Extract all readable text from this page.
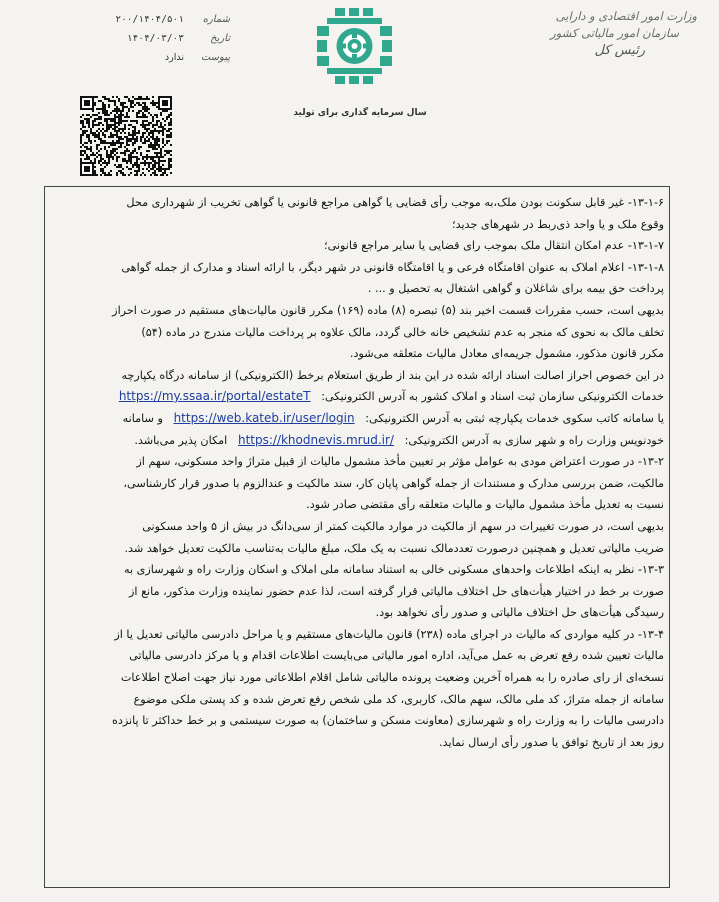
وزارت امور اقتصادی و دارایی
سازمان امور مالیاتی کشور
رئیس کل
سال سرمایه گذاری برای تولید
شماره
۲۰۰/۱۴۰۴/۵۰۱
تاریخ
۱۴۰۴/۰۳/۰۳
پیوست
ندارد
۱۳-۱-۶- غیر قابل سکونت بودن ملک،به موجب رأی قضایی یا گواهی مراجع قانونی یا گواهی تخریب از شهرداری محل
وقوع ملک و یا واحد ذی‌ربط در شهرهای جدید؛
۱۳-۱-۷- عدم امکان انتقال ملک بموجب رای قضایی یا سایر مراجع قانونی؛
۱۳-۱-۸- اعلام املاک به عنوان اقامتگاه فرعی و یا اقامتگاه قانونی در شهر دیگر، با ارائه اسناد و مدارک از جمله گواهی
پرداخت حق بیمه برای شاغلان و گواهی اشتغال به تحصیل و ... .
بدیهی است، حسب مقررات قسمت اخیر بند (۵) تبصره (۸) ماده (۱۶۹) مکرر قانون مالیات‌های مستقیم در صورت احراز
تخلف مالک به نحوی که منجر به عدم تشخیص خانه خالی گردد، مالک علاوه بر پرداخت مالیات مندرج در ماده (۵۴)
مکرر قانون مذکور، مشمول جریمه‌ای معادل مالیات متعلقه می‌شود.
در این خصوص احراز اصالت اسناد ارائه شده در این بند از طریق استعلام برخط (الکترونیکی) از سامانه درگاه یکپارچه
خدمات الکترونیکی سازمان ثبت اسناد و املاک کشور به آدرس الکترونیکی:   https://my.ssaa.ir/portal/estateT
یا سامانه کاتب سکوی خدمات یکپارچه ثبتی به آدرس الکترونیکی:   https://web.kateb.ir/user/login   و سامانه
خودنویس وزارت راه و شهر سازی به آدرس الکترونیکی:   https://khodnevis.mrud.ir/   امکان پذیر می‌باشد.
۱۳-۲- در صورت اعتراض مودی به عوامل مؤثر بر تعیین مأخذ مشمول مالیات از قبیل متراژ واحد مسکونی، سهم از
مالکیت، ضمن بررسی مدارک و مستندات از جمله گواهی پایان کار، سند مالکیت و عندالزوم با صدور قرار کارشناسی،
نسبت به تعدیل مأخذ مشمول مالیات و مالیات متعلقه رأی مقتضی صادر شود.
بدیهی است، در صورت تغییرات در سهم از مالکیت در موارد مالکیت کمتر از سی‌دانگ در بیش از ۵ واحد مسکونی
ضریب مالیاتی تعدیل و همچنین درصورت تعددمالک نسبت به یک ملک، مبلغ مالیات به‌تناسب مالکیت تعدیل خواهد شد.
۱۳-۳- نظر به اینکه اطلاعات واحدهای مسکونی خالی به استناد سامانه ملی املاک و اسکان وزارت راه و شهرسازی به
صورت بر خط در اختیار هیأت‌های حل اختلاف مالیاتی قرار گرفته است، لذا عدم حضور نماینده وزارت مذکور، مانع از
رسیدگی هیأت‌های حل اختلاف مالیاتی و صدور رأی نخواهد بود.
۱۳-۴- در کلیه مواردی که مالیات در اجرای ماده (۲۳۸) قانون مالیات‌های مستقیم و یا مراحل دادرسی مالیاتی تعدیل یا از
مالیات تعیین شده رفع تعرض به عمل می‌آید، اداره امور مالیاتی می‌بایست اطلاعات اقدام و یا مرکز دادرسی مالیاتی
نسخه‌ای از رای صادره را به همراه آخرین وضعیت پرونده مالیاتی شامل اقلام اطلاعاتی مورد نیاز جهت اصلاح اطلاعات
سامانه از جمله متراژ، کد ملی مالک، سهم مالک، کاربری، کد ملی شخص رفع تعرض شده و کد پستی ملکی موضوع
دادرسی مالیات را به وزارت راه و شهرسازی (معاونت مسکن و ساختمان) به صورت سیستمی و بر خط حداکثر تا پانزده
روز بعد از تاریخ توافق یا صدور رأی ارسال نماید.
